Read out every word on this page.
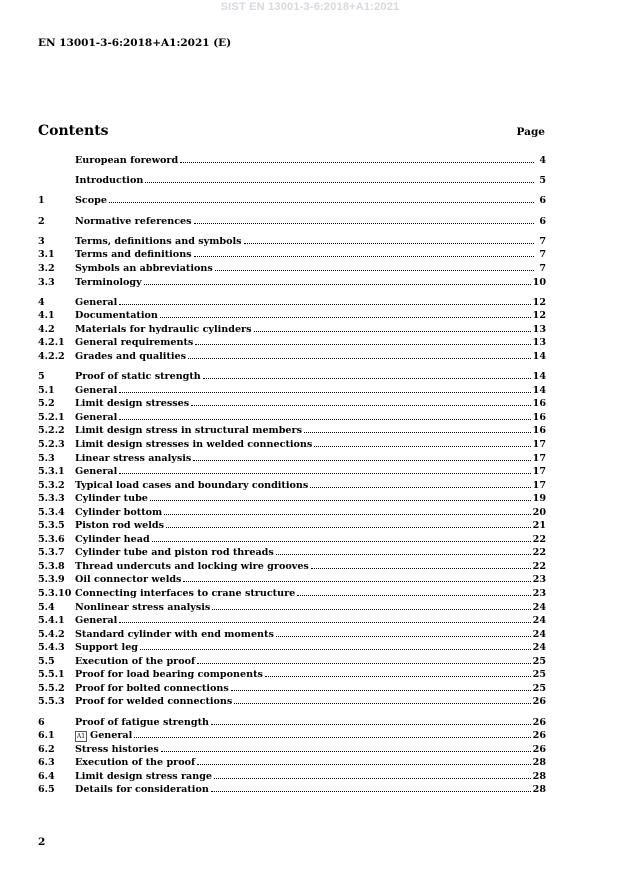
SIST EN 13001-3-6:2018+A1:2021
EN 13001-3-6:2018+A1:2021 (E)
Contents	Page
European foreword	4
Introduction	5
1	Scope	6
2	Normative references	6
3	Terms, definitions and symbols	7
3.1	Terms and definitions	7
3.2	Symbols an abbreviations	7
3.3	Terminology	10
4	General	12
4.1	Documentation	12
4.2	Materials for hydraulic cylinders	13
4.2.1	General requirements	13
4.2.2	Grades and qualities	14
5	Proof of static strength	14
5.1	General	14
5.2	Limit design stresses	16
5.2.1	General	16
5.2.2	Limit design stress in structural members	16
5.2.3	Limit design stresses in welded connections	17
5.3	Linear stress analysis	17
5.3.1	General	17
5.3.2	Typical load cases and boundary conditions	17
5.3.3	Cylinder tube	19
5.3.4	Cylinder bottom	20
5.3.5	Piston rod welds	21
5.3.6	Cylinder head	22
5.3.7	Cylinder tube and piston rod threads	22
5.3.8	Thread undercuts and locking wire grooves	22
5.3.9	Oil connector welds	23
5.3.10 Connecting interfaces to crane structure	23
5.4	Nonlinear stress analysis	24
5.4.1	General	24
5.4.2	Standard cylinder with end moments	24
5.4.3	Support leg	24
5.5	Execution of the proof	25
5.5.1	Proof for load bearing components	25
5.5.2	Proof for bolted connections	25
5.5.3	Proof for welded connections	26
6	Proof of fatigue strength	26
6.1	A1 General	26
6.2	Stress histories	26
6.3	Execution of the proof	28
6.4	Limit design stress range	28
6.5	Details for consideration	28
2
